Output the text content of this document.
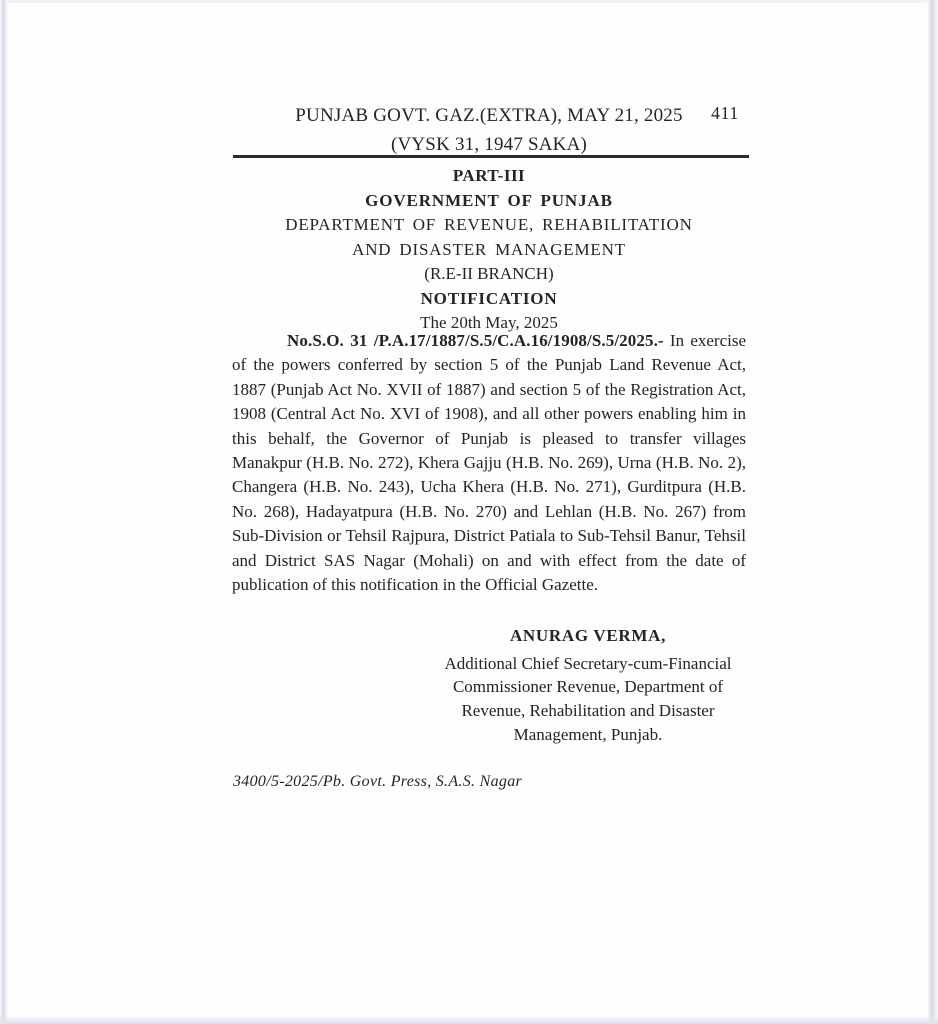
411
PUNJAB GOVT. GAZ.(EXTRA), MAY 21, 2025
(VYSK 31, 1947 SAKA)
PART-III
GOVERNMENT OF PUNJAB
DEPARTMENT OF REVENUE, REHABILITATION
AND DISASTER MANAGEMENT
(R.E-II BRANCH)
NOTIFICATION
The 20th May, 2025

No.S.O. 31 /P.A.17/1887/S.5/C.A.16/1908/S.5/2025.- In exercise of the powers conferred by section 5 of the Punjab Land Revenue Act, 1887 (Punjab Act No. XVII of 1887) and section 5 of the Registration Act, 1908 (Central Act No. XVI of 1908), and all other powers enabling him in this behalf, the Governor of Punjab is pleased to transfer villages Manakpur (H.B. No. 272), Khera Gajju (H.B. No. 269), Urna (H.B. No. 2), Changera (H.B. No. 243), Ucha Khera (H.B. No. 271), Gurditpura (H.B. No. 268), Hadayatpura (H.B. No. 270) and Lehlan (H.B. No. 267) from Sub-Division or Tehsil Rajpura, District Patiala to Sub-Tehsil Banur, Tehsil and District SAS Nagar (Mohali) on and with effect from the date of publication of this notification in the Official Gazette.

ANURAG VERMA,
Additional Chief Secretary-cum-Financial
Commissioner Revenue, Department of
Revenue, Rehabilitation and Disaster
Management, Punjab.
3400/5-2025/Pb. Govt. Press, S.A.S. Nagar
